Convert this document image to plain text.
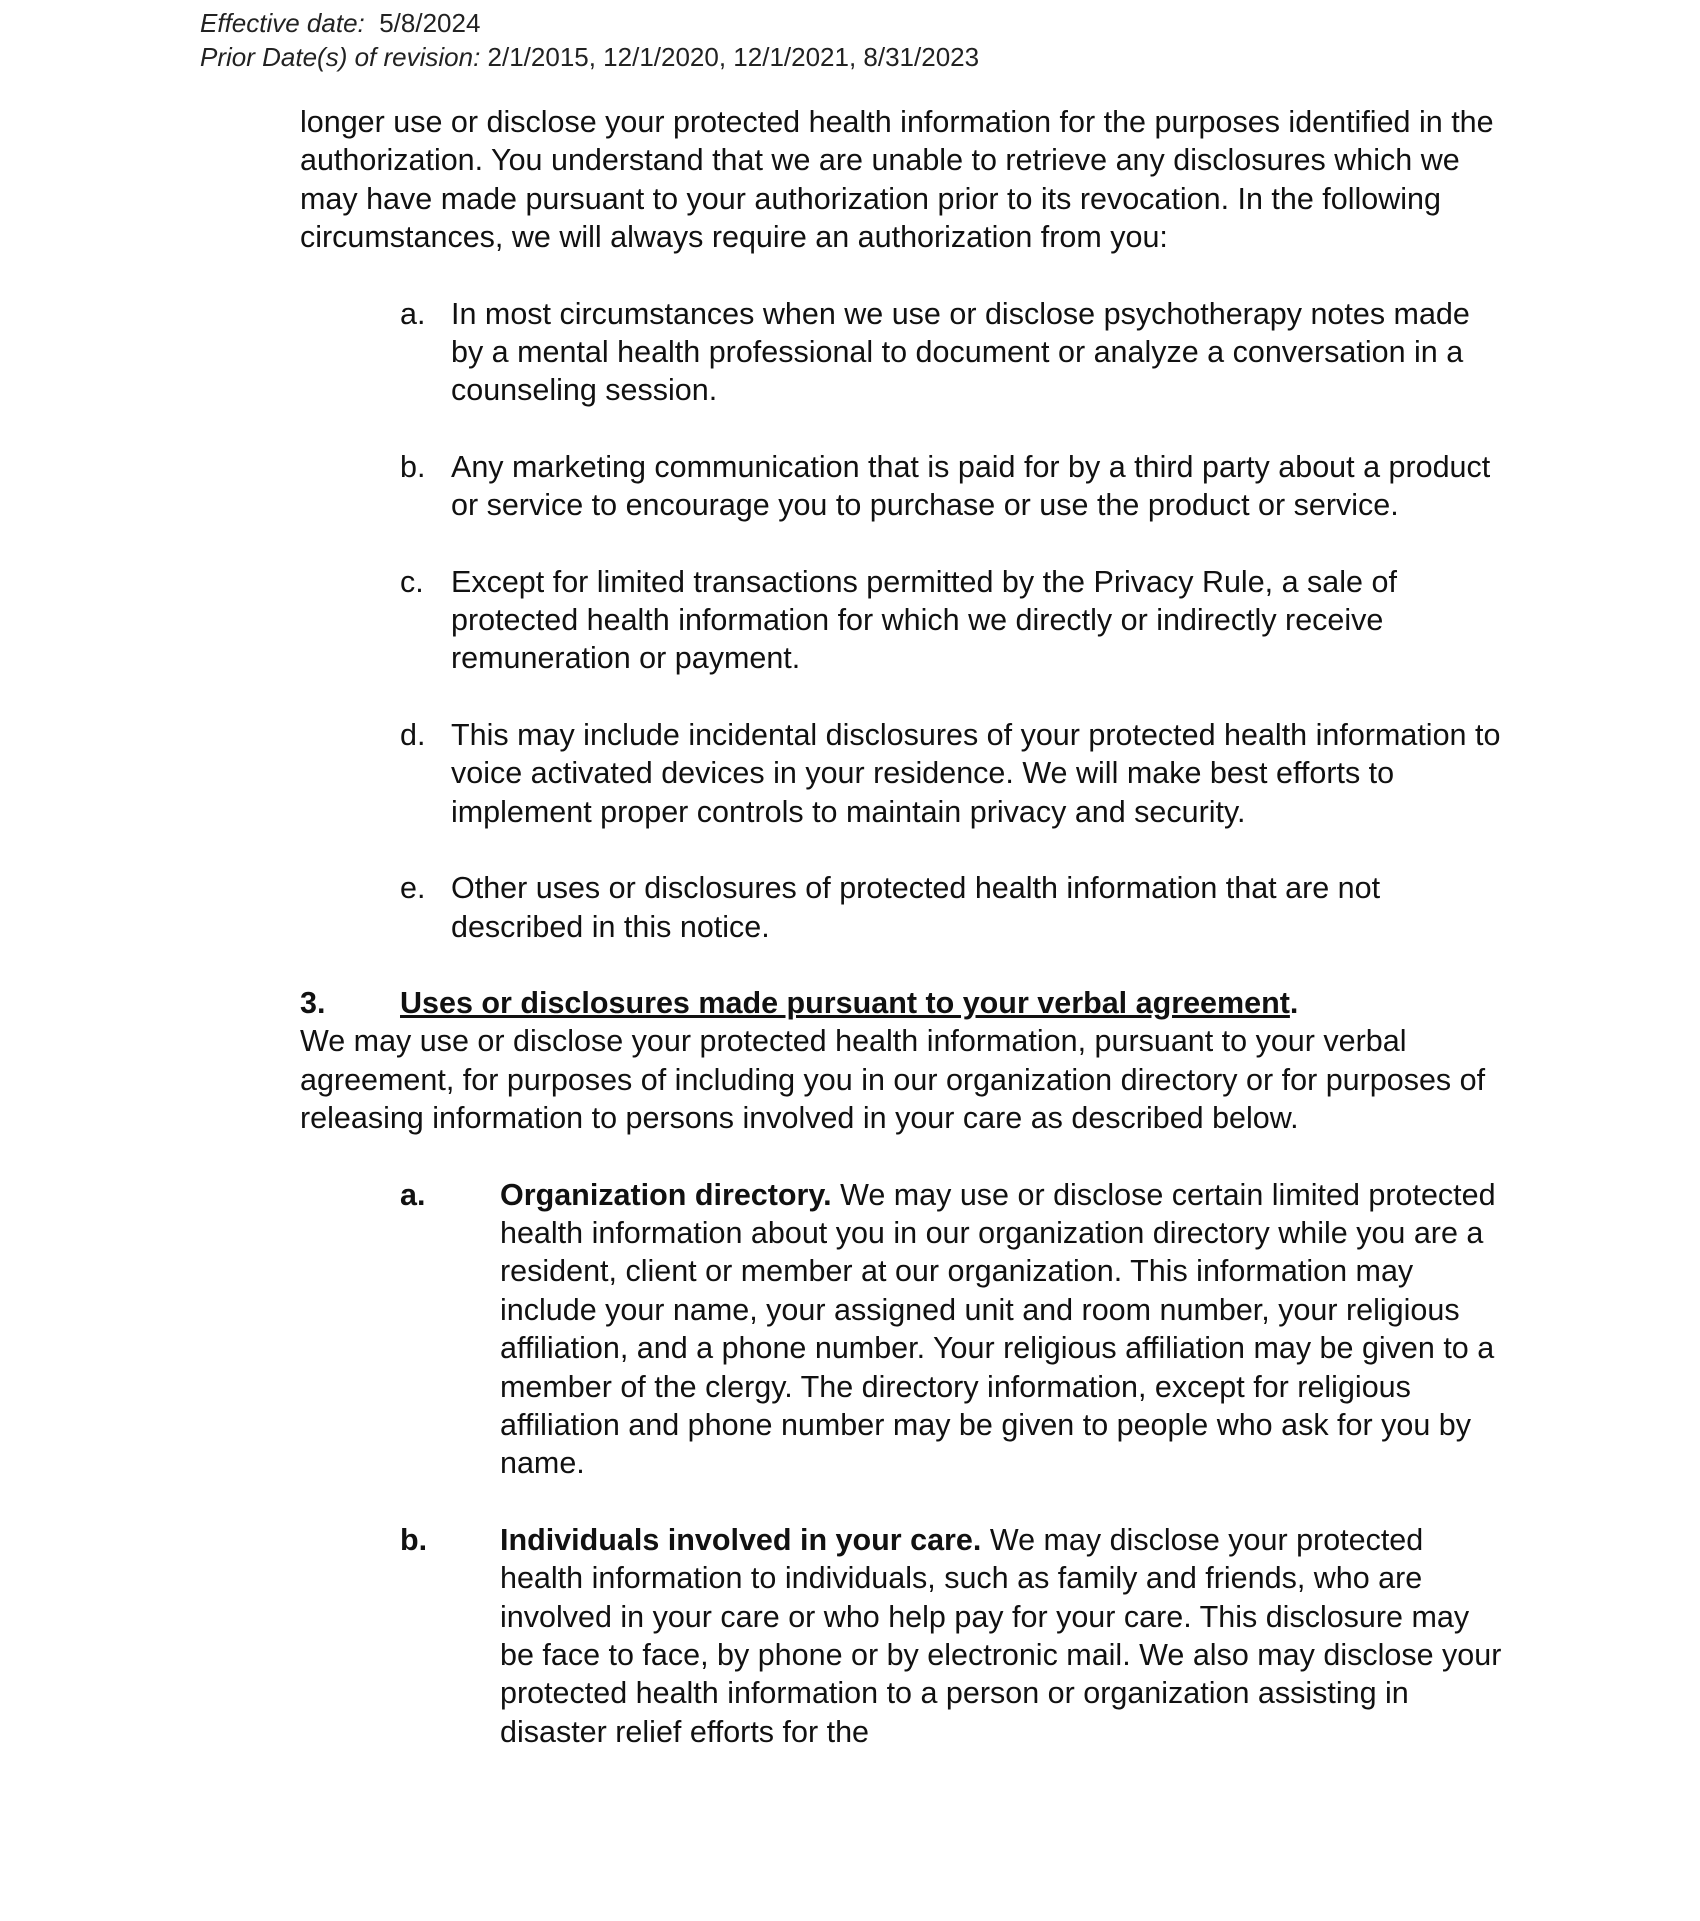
Effective date:  5/8/2024
Prior Date(s) of revision: 2/1/2015, 12/1/2020, 12/1/2021, 8/31/2023

longer use or disclose your protected health information for the purposes identified in the authorization. You understand that we are unable to retrieve any disclosures which we may have made pursuant to your authorization prior to its revocation. In the following circumstances, we will always require an authorization from you:

a. In most circumstances when we use or disclose psychotherapy notes made by a mental health professional to document or analyze a conversation in a counseling session.
b. Any marketing communication that is paid for by a third party about a product or service to encourage you to purchase or use the product or service.
c. Except for limited transactions permitted by the Privacy Rule, a sale of protected health information for which we directly or indirectly receive remuneration or payment.
d. This may include incidental disclosures of your protected health information to voice activated devices in your residence. We will make best efforts to implement proper controls to maintain privacy and security.
e. Other uses or disclosures of protected health information that are not described in this notice.
3.	Uses or disclosures made pursuant to your verbal agreement.

We may use or disclose your protected health information, pursuant to your verbal agreement, for purposes of including you in our organization directory or for purposes of releasing information to persons involved in your care as described below.

a.	Organization directory. We may use or disclose certain limited protected health information about you in our organization directory while you are a resident, client or member at our organization. This information may include your name, your assigned unit and room number, your religious affiliation, and a phone number. Your religious affiliation may be given to a member of the clergy. The directory information, except for religious affiliation and phone number may be given to people who ask for you by name.
b.	Individuals involved in your care. We may disclose your protected health information to individuals, such as family and friends, who are involved in your care or who help pay for your care. This disclosure may be face to face, by phone or by electronic mail. We also may disclose your protected health information to a person or organization assisting in disaster relief efforts for the
